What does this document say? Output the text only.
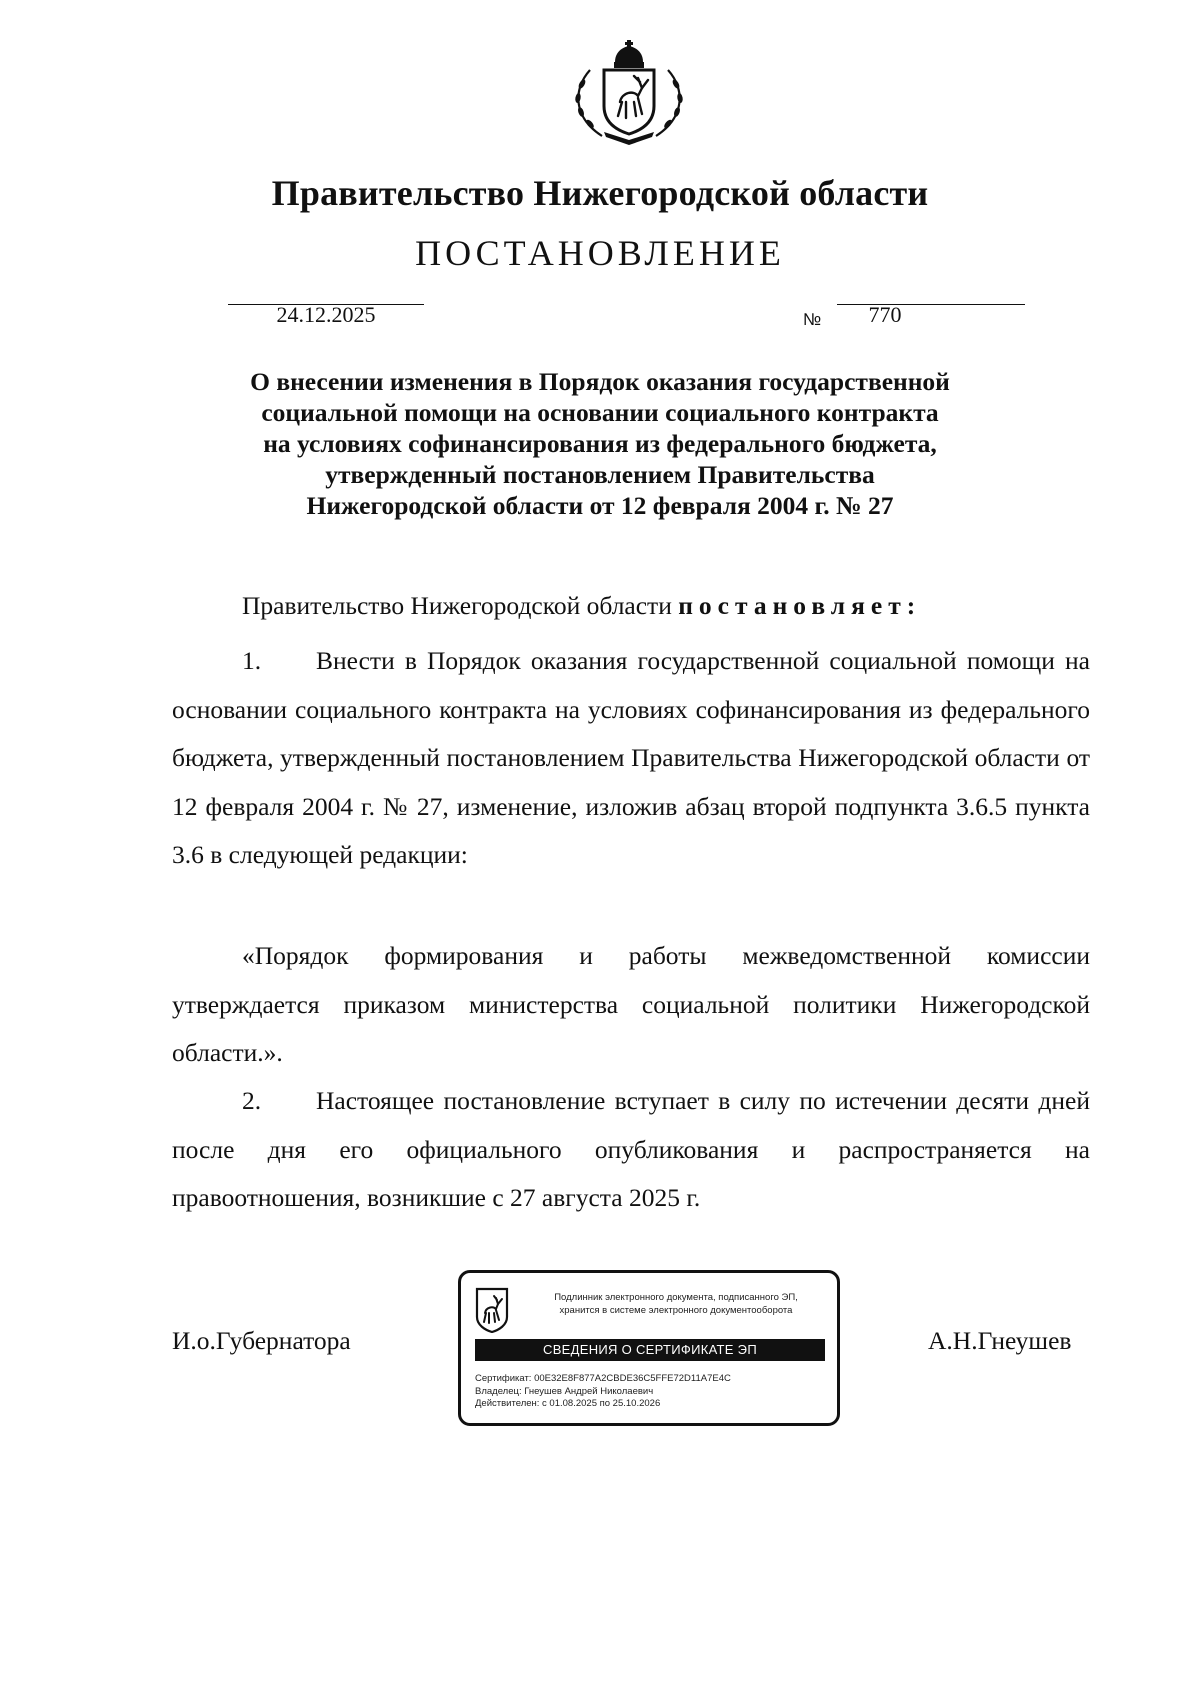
Правительство Нижегородской области
ПОСТАНОВЛЕНИЕ
24.12.2025	№	770
О внесении изменения в Порядок оказания государственной
социальной помощи на основании социального контракта
на условиях софинансирования из федерального бюджета,
утвержденный постановлением Правительства
Нижегородской области от 12 февраля 2004 г. № 27
Правительство Нижегородской области постановляет:
1. Внести в Порядок оказания государственной социальной помощи на основании социального контракта на условиях софинансирования из федерального бюджета, утвержденный постановлением Правительства Нижегородской области от 12 февраля 2004 г. № 27, изменение, изложив абзац второй подпункта 3.6.5 пункта 3.6 в следующей редакции:
«Порядок формирования и работы межведомственной комиссии утверждается приказом министерства социальной политики Нижегородской области.».
2. Настоящее постановление вступает в силу по истечении десяти дней после дня его официального опубликования и распространяется на правоотношения, возникшие с 27 августа 2025 г.
И.о.Губернатора	А.Н.Гнеушев
Подлинник электронного документа, подписанного ЭП,
хранится в системе электронного документооборота
СВЕДЕНИЯ О СЕРТИФИКАТЕ ЭП
Сертификат: 00E32E8F877A2CBDE36C5FFE72D11A7E4C
Владелец: Гнеушев Андрей Николаевич
Действителен: с 01.08.2025 по 25.10.2026
